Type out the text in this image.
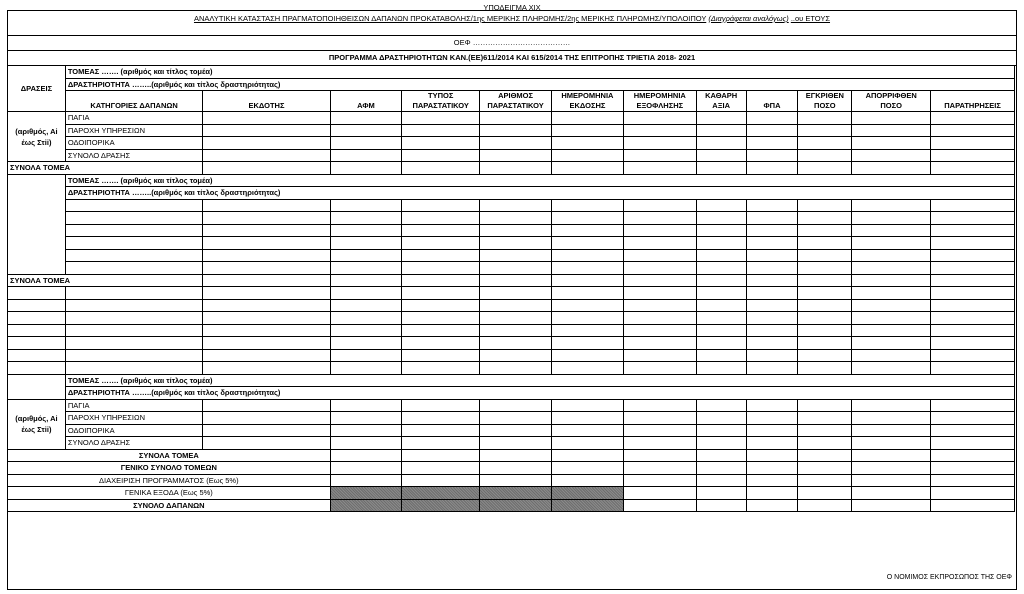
ΥΠΟΔΕΙΓΜΑ XIX
ΑΝΑΛΥΤΙΚΗ ΚΑΤΑΣΤΑΣΗ ΠΡΑΓΜΑΤΟΠΟΙΗΘΕΙΣΩΝ ΔΑΠΑΝΩΝ ΠΡΟΚΑΤΑΒΟΛΗΣ/1ης ΜΕΡΙΚΗΣ ΠΛΗΡΩΜΗΣ/2ης ΜΕΡΙΚΗΣ ΠΛΗΡΩΜΗΣ/ΥΠΟΛΟΙΠΟΥ (Διαγράφεται αναλόγως) ..ου ΕΤΟΥΣ
ΟΕΦ …………………………………
ΠΡΟΓΡΑΜΜΑ ΔΡΑΣΤΗΡΙΟΤΗΤΩΝ ΚΑΝ.(ΕΕ)611/2014 ΚΑΙ 615/2014 ΤΗΣ ΕΠΙΤΡΟΠΗΣ ΤΡΙΕΤΙΑ 2018- 2021
ΔΡΑΣΕΙΣ	ΤΟΜΕΑΣ ……. (αριθμός και τίτλος τομέα)											
	ΔΡΑΣΤΗΡΙΟΤΗΤΑ ……..(αριθμός και τίτλος δραστηριότητας)											
	ΚΑΤΗΓΟΡΙΕΣ ΔΑΠΑΝΩΝ	ΕΚΔΟΤΗΣ	ΑΦΜ	ΤΥΠΟΣ ΠΑΡΑΣΤΑΤΙΚΟΥ	ΑΡΙΘΜΟΣ ΠΑΡΑΣΤΑΤΙΚΟΥ	ΗΜΕΡΟΜΗΝΙΑ ΕΚΔΟΣΗΣ	ΗΜΕΡΟΜΗΝΙΑ ΕΞΟΦΛΗΣΗΣ	ΚΑΘΑΡΗ ΑΞΙΑ	ΦΠΑ	ΕΓΚΡΙΘΕΝ ΠΟΣΟ	ΑΠΟΡΡΙΦΘΕΝ ΠΟΣΟ	ΠΑΡΑΤΗΡΗΣΕΙΣ
(αριθμός, Αi έως Στii)	ΠΑΓΙΑ											
	ΠΑΡΟΧΗ ΥΠΗΡΕΣΙΩΝ											
	ΟΔΟΙΠΟΡΙΚΑ											
	ΣΥΝΟΛΟ ΔΡΑΣΗΣ											
ΣΥΝΟΛΑ ΤΟΜΕΑ												
	ΤΟΜΕΑΣ ……. (αριθμός και τίτλος τομέα)											
	ΔΡΑΣΤΗΡΙΟΤΗΤΑ ……..(αριθμός και τίτλος δραστηριότητας)											

ΣΥΝΟΛΑ ΤΟΜΕΑ												

	ΤΟΜΕΑΣ ……. (αριθμός και τίτλος τομέα)											
	ΔΡΑΣΤΗΡΙΟΤΗΤΑ ……..(αριθμός και τίτλος δραστηριότητας)											
(αριθμός, Αi έως Στii)	ΠΑΓΙΑ											
	ΠΑΡΟΧΗ ΥΠΗΡΕΣΙΩΝ											
	ΟΔΟΙΠΟΡΙΚΑ											
	ΣΥΝΟΛΟ ΔΡΑΣΗΣ											
ΣΥΝΟΛΑ ΤΟΜΕΑ												
ΓΕΝΙΚΟ ΣΥΝΟΛΟ ΤΟΜΕΩΝ												
ΔΙΑΧΕΙΡΙΣΗ ΠΡΟΓΡΑΜΜΑΤΟΣ (Εως 5%)												
ΓΕΝΙΚΑ ΕΞΟΔΑ (Εως 5%)												
ΣΥΝΟΛΟ ΔΑΠΑΝΩΝ												
Ο ΝΟΜΙΜΟΣ ΕΚΠΡΟΣΩΠΟΣ ΤΗΣ ΟΕΦ
